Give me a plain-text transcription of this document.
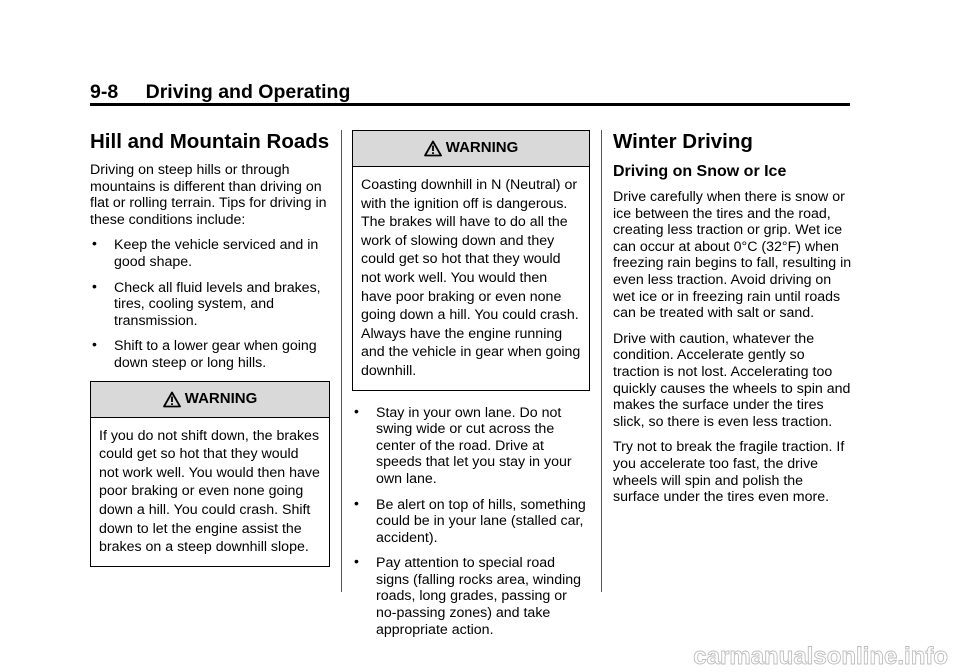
9-8 Driving and Operating
Hill and Mountain Roads

Driving on steep hills or through mountains is different than driving on flat or rolling terrain. Tips for driving in these conditions include:

• Keep the vehicle serviced and in good shape.
• Check all fluid levels and brakes, tires, cooling system, and transmission.
• Shift to a lower gear when going down steep or long hills.
WARNING
If you do not shift down, the brakes could get so hot that they would not work well. You would then have poor braking or even none going down a hill. You could crash. Shift down to let the engine assist the brakes on a steep downhill slope.
WARNING
Coasting downhill in N (Neutral) or with the ignition off is dangerous. The brakes will have to do all the work of slowing down and they could get so hot that they would not work well. You would then have poor braking or even none going down a hill. You could crash. Always have the engine running and the vehicle in gear when going downhill.
• Stay in your own lane. Do not swing wide or cut across the center of the road. Drive at speeds that let you stay in your own lane.
• Be alert on top of hills, something could be in your lane (stalled car, accident).
• Pay attention to special road signs (falling rocks area, winding roads, long grades, passing or no-passing zones) and take appropriate action.
Winter Driving
Driving on Snow or Ice

Drive carefully when there is snow or ice between the tires and the road, creating less traction or grip. Wet ice can occur at about 0°C (32°F) when freezing rain begins to fall, resulting in even less traction. Avoid driving on wet ice or in freezing rain until roads can be treated with salt or sand.

Drive with caution, whatever the condition. Accelerate gently so traction is not lost. Accelerating too quickly causes the wheels to spin and makes the surface under the tires slick, so there is even less traction.

Try not to break the fragile traction. If you accelerate too fast, the drive wheels will spin and polish the surface under the tires even more.

carmanualsonline.info
